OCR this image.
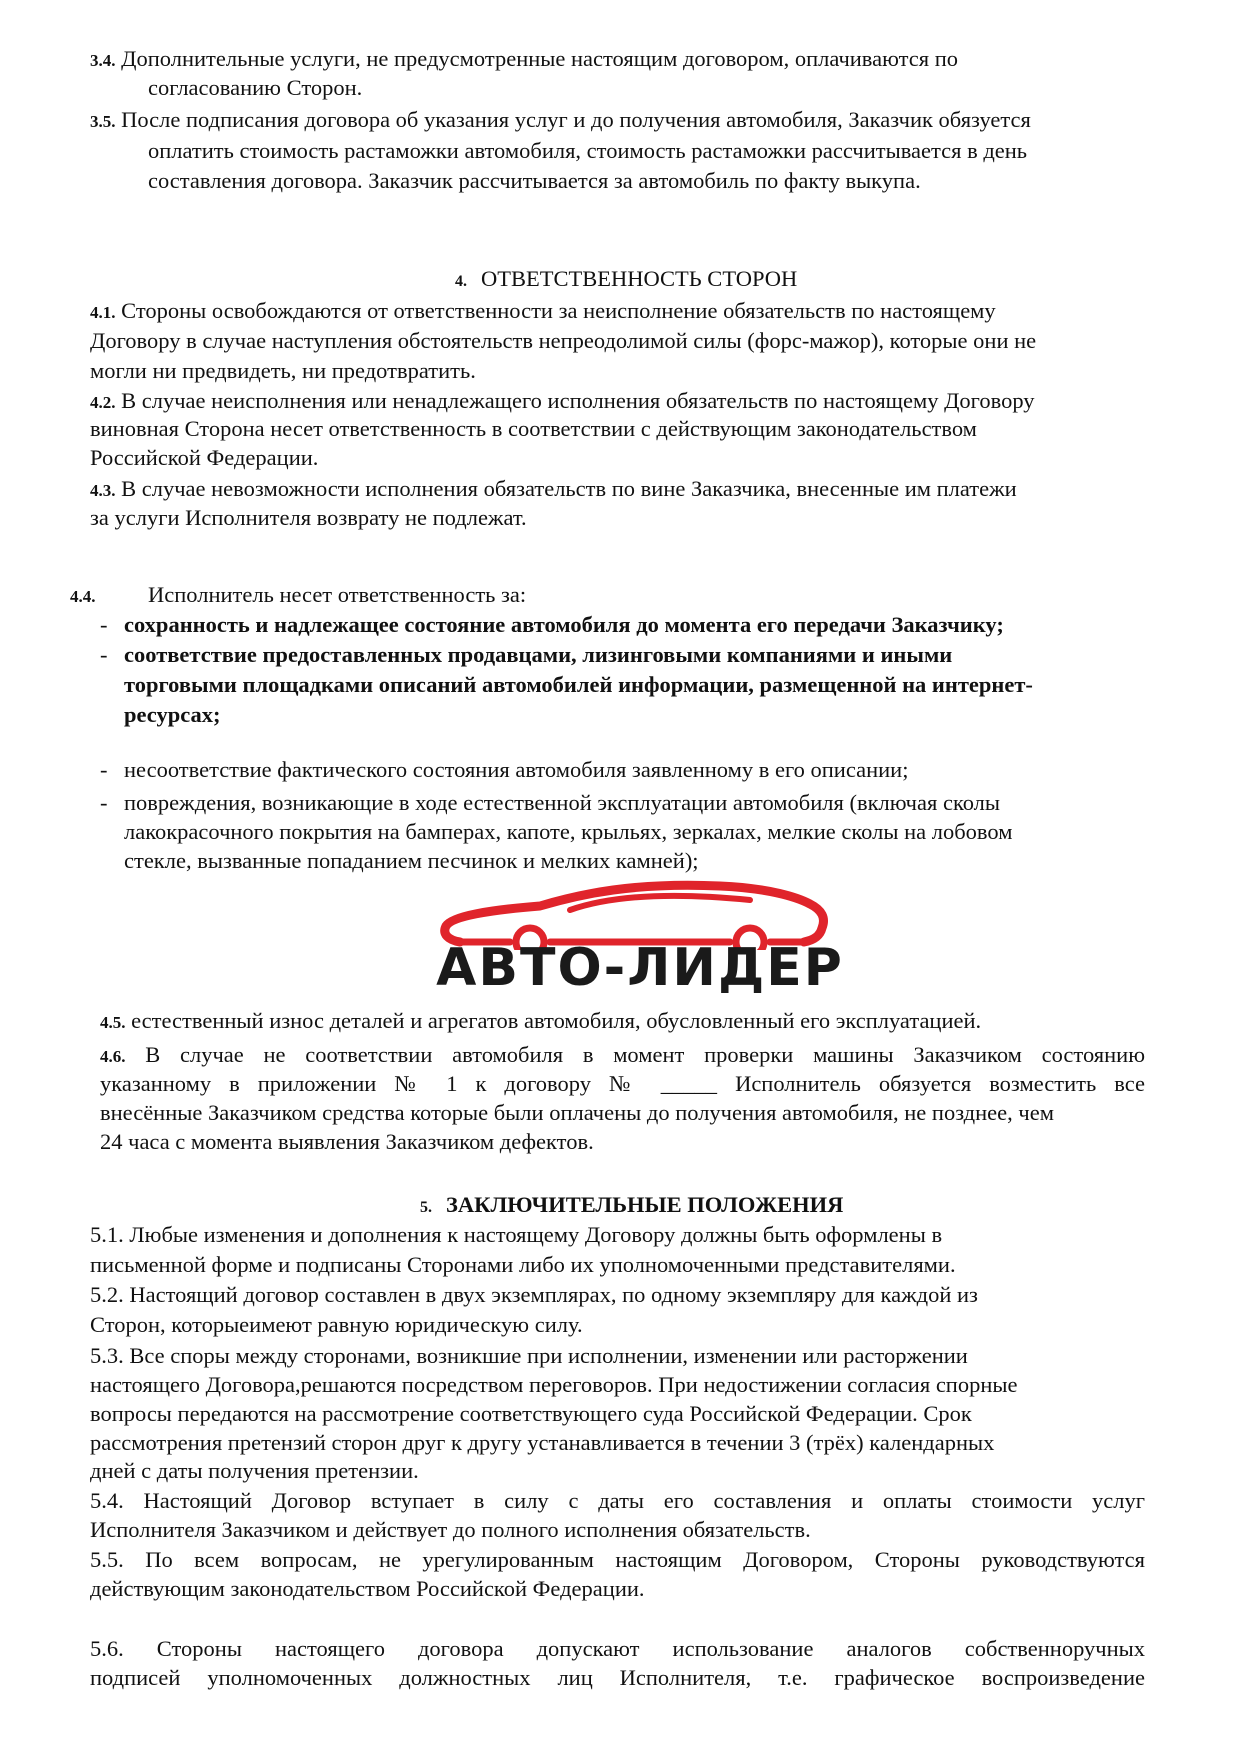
3.4. Дополнительные услуги, не предусмотренные настоящим договором, оплачиваются по
согласованию Сторон.
3.5. После подписания договора об указания услуг и до получения автомобиля, Заказчик обязуется
оплатить стоимость растаможки автомобиля, стоимость растаможки рассчитывается в день
составления договора. Заказчик рассчитывается за автомобиль по факту выкупа.
4. ОТВЕТСТВЕННОСТЬ СТОРОН
4.1. Стороны освобождаются от ответственности за неисполнение обязательств по настоящему
Договору в случае наступления обстоятельств непреодолимой силы (форс-мажор), которые они не
могли ни предвидеть, ни предотвратить.
4.2. В случае неисполнения или ненадлежащего исполнения обязательств по настоящему Договору
виновная Сторона несет ответственность в соответствии с действующим законодательством
Российской Федерации.
4.3. В случае невозможности исполнения обязательств по вине Заказчика, внесенные им платежи
за услуги Исполнителя возврату не подлежат.
4.4. Исполнитель несет ответственность за:
- сохранность и надлежащее состояние автомобиля до момента его передачи Заказчику;
- соответствие предоставленных продавцами, лизинговыми компаниями и иными
торговыми площадками описаний автомобилей информации, размещенной на интернет-
ресурсах;
- несоответствие фактического состояния автомобиля заявленному в его описании;
- повреждения, возникающие в ходе естественной эксплуатации автомобиля (включая сколы
лакокрасочного покрытия на бамперах, капоте, крыльях, зеркалах, мелкие сколы на лобовом
стекле, вызванные попаданием песчинок и мелких камней);
АВТО-ЛИДЕР
4.5. естественный износ деталей и агрегатов автомобиля, обусловленный его эксплуатацией.
4.6. В случае не соответствии автомобиля в момент проверки машины Заказчиком состоянию
указанному в приложении № 1 к договору № _____ Исполнитель обязуется возместить все
внесённые Заказчиком средства которые были оплачены до получения автомобиля, не позднее, чем
24 часа с момента выявления Заказчиком дефектов.
5. ЗАКЛЮЧИТЕЛЬНЫЕ ПОЛОЖЕНИЯ
5.1. Любые изменения и дополнения к настоящему Договору должны быть оформлены в
письменной форме и подписаны Сторонами либо их уполномоченными представителями.
5.2. Настоящий договор составлен в двух экземплярах, по одному экземпляру для каждой из
Сторон, которыеимеют равную юридическую силу.
5.3. Все споры между сторонами, возникшие при исполнении, изменении или расторжении
настоящего Договора,решаются посредством переговоров. При недостижении согласия спорные
вопросы передаются на рассмотрение соответствующего суда Российской Федерации. Срок
рассмотрения претензий сторон друг к другу устанавливается в течении 3 (трёх) календарных
дней с даты получения претензии.
5.4. Настоящий Договор вступает в силу с даты его составления и оплаты стоимости услуг
Исполнителя Заказчиком и действует до полного исполнения обязательств.
5.5. По всем вопросам, не урегулированным настоящим Договором, Стороны руководствуются
действующим законодательством Российской Федерации.
5.6. Стороны настоящего договора допускают использование аналогов собственноручных
подписей уполномоченных должностных лиц Исполнителя, т.е. графическое воспроизведение
